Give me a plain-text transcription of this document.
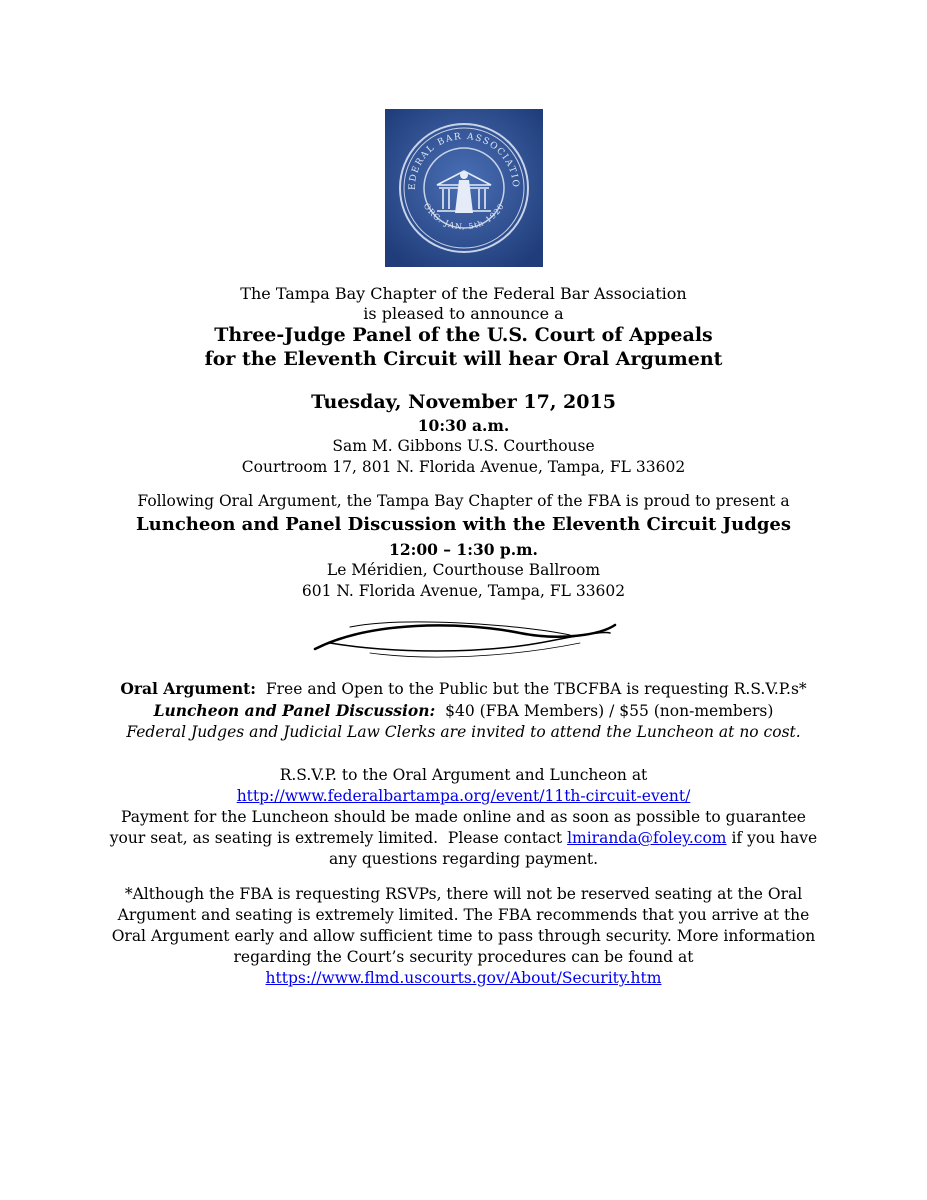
EDERAL BAR ASSOCIATIO
ORG. JAN. 5th 1920
The Tampa Bay Chapter of the Federal Bar Association
is pleased to announce a
Three-Judge Panel of the U.S. Court of Appeals
for the Eleventh Circuit will hear Oral Argument
Tuesday, November 17, 2015
10:30 a.m.
Sam M. Gibbons U.S. Courthouse
Courtroom 17, 801 N. Florida Avenue, Tampa, FL 33602
Following Oral Argument, the Tampa Bay Chapter of the FBA is proud to present a
Luncheon and Panel Discussion with the Eleventh Circuit Judges
12:00 – 1:30 p.m.
Le Méridien, Courthouse Ballroom
601 N. Florida Avenue, Tampa, FL 33602
Oral Argument:  Free and Open to the Public but the TBCFBA is requesting R.S.V.P.s*
Luncheon and Panel Discussion:  $40 (FBA Members) / $55 (non-members)
Federal Judges and Judicial Law Clerks are invited to attend the Luncheon at no cost.
R.S.V.P. to the Oral Argument and Luncheon at
http://www.federalbartampa.org/event/11th-circuit-event/
Payment for the Luncheon should be made online and as soon as possible to guarantee
your seat, as seating is extremely limited.  Please contact lmiranda@foley.com if you have
any questions regarding payment.
*Although the FBA is requesting RSVPs, there will not be reserved seating at the Oral
Argument and seating is extremely limited. The FBA recommends that you arrive at the
Oral Argument early and allow sufficient time to pass through security. More information
regarding the Court’s security procedures can be found at
https://www.flmd.uscourts.gov/About/Security.htm
